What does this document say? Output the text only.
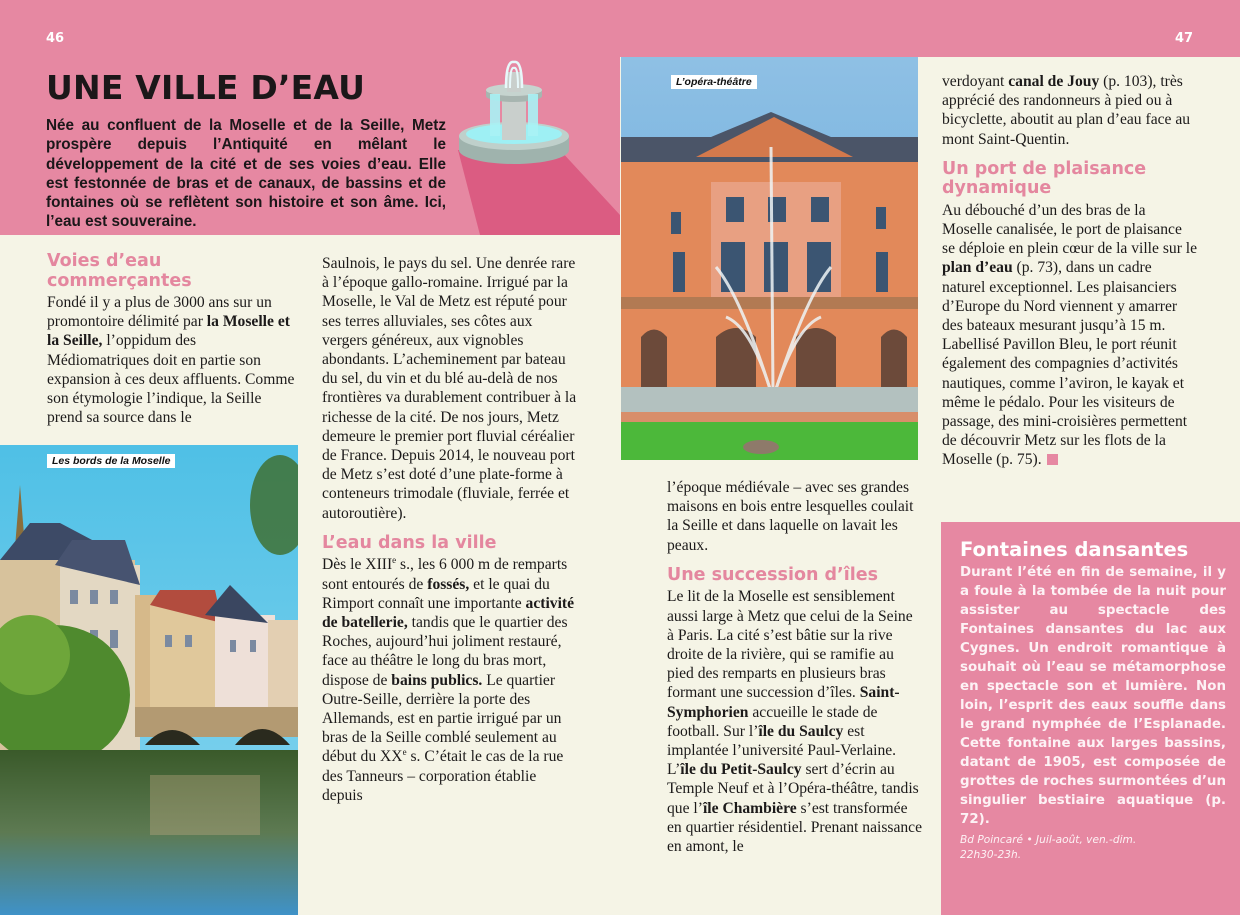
46	47
UNE VILLE D’EAU

Née au confluent de la Moselle et de la Seille, Metz prospère depuis l’Antiquité en mêlant le développement de la cité et de ses voies d’eau. Elle est festonnée de bras et de canaux, de bassins et de fontaines où se reflètent son histoire et son âme. Ici, l’eau est souveraine.

Voies d’eau
commerçantes

Fondé il y a plus de 3000 ans sur un promontoire délimité par la Moselle et la Seille, l’oppidum des Médiomatriques doit en partie son expansion à ces deux affluents. Comme son étymologie l’indique, la Seille prend sa source dans le

Les bords de la Moselle

Saulnois, le pays du sel. Une denrée rare à l’époque gallo-romaine. Irrigué par la Moselle, le Val de Metz est réputé pour ses terres alluviales, ses côtes aux vergers généreux, aux vignobles abondants. L’acheminement par bateau du sel, du vin et du blé au-delà de nos frontières va durablement contribuer à la richesse de la cité. De nos jours, Metz demeure le premier port fluvial céréalier de France. Depuis 2014, le nouveau port de Metz s’est doté d’une plate-forme à conteneurs trimodale (fluviale, ferrée et autoroutière).

L’eau dans la ville

Dès le XIIIe s., les 6 000 m de remparts sont entourés de fossés, et le quai du Rimport connaît une importante activité de batellerie, tandis que le quartier des Roches, aujourd’hui joliment restauré, face au théâtre le long du bras mort, dispose de bains publics. Le quartier Outre-Seille, derrière la porte des Allemands, est en partie irrigué par un bras de la Seille comblé seulement au début du XXe s. C’était le cas de la rue des Tanneurs – corporation établie depuis

L’opéra-théâtre

l’époque médiévale – avec ses grandes maisons en bois entre lesquelles coulait la Seille et dans laquelle on lavait les peaux.

Une succession d’îles

Le lit de la Moselle est sensiblement aussi large à Metz que celui de la Seine à Paris. La cité s’est bâtie sur la rive droite de la rivière, qui se ramifie au pied des remparts en plusieurs bras formant une succession d’îles. Saint-Symphorien accueille le stade de football. Sur l’île du Saulcy est implantée l’université Paul-Verlaine. L’île du Petit-Saulcy sert d’écrin au Temple Neuf et à l’Opéra-théâtre, tandis que l’île Chambière s’est transformée en quartier résidentiel. Prenant naissance en amont, le

verdoyant canal de Jouy (p. 103), très apprécié des randonneurs à pied ou à bicyclette, aboutit au plan d’eau face au mont Saint-Quentin.

Un port de plaisance
dynamique

Au débouché d’un des bras de la Moselle canalisée, le port de plaisance se déploie en plein cœur de la ville sur le plan d’eau (p. 73), dans un cadre naturel exceptionnel. Les plaisanciers d’Europe du Nord viennent y amarrer des bateaux mesurant jusqu’à 15 m. Labellisé Pavillon Bleu, le port réunit également des compagnies d’activités nautiques, comme l’aviron, le kayak et même le pédalo. Pour les visiteurs de passage, des mini-croisières permettent de découvrir Metz sur les flots de la Moselle (p. 75).

Fontaines dansantes

Durant l’été en fin de semaine, il y a foule à la tombée de la nuit pour assister au spectacle des Fontaines dansantes du lac aux Cygnes. Un endroit romantique à souhait où l’eau se métamorphose en spectacle son et lumière. Non loin, l’esprit des eaux souffle dans le grand nymphée de l’Esplanade. Cette fontaine aux larges bassins, datant de 1905, est composée de grottes de roches surmontées d’un singulier bestiaire aquatique (p. 72).

Bd Poincaré • Juil-août, ven.-dim.
22h30-23h.
